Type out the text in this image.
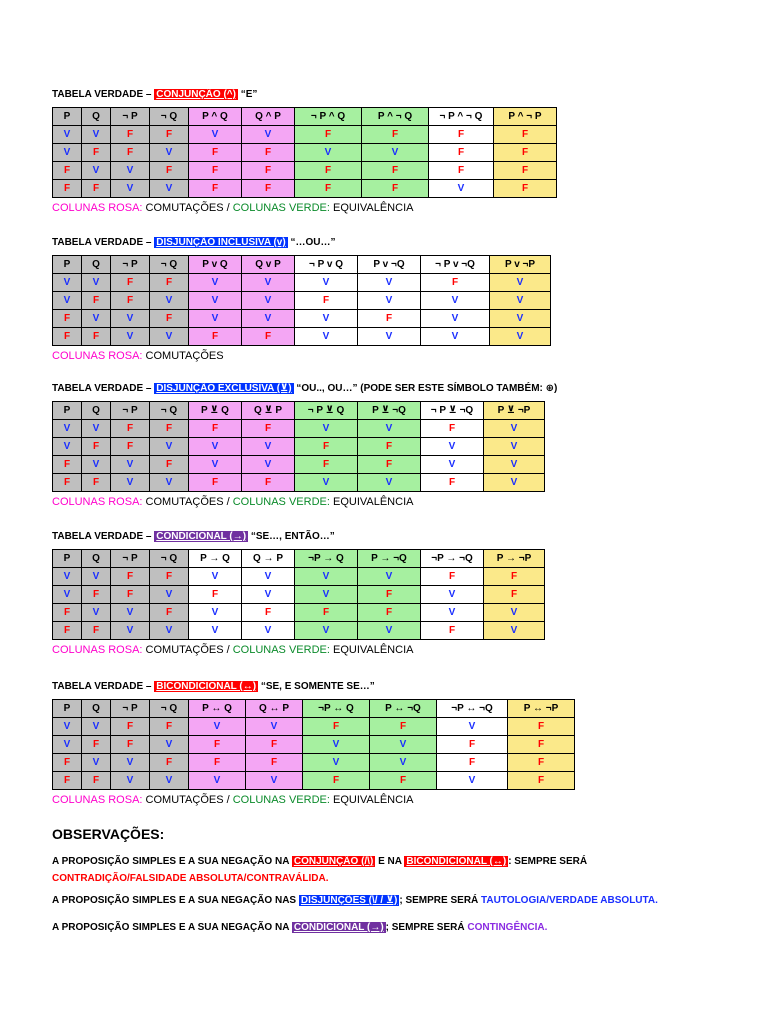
TABELA VERDADE – CONJUNÇÃO (^) “E”
P	Q	¬ P	¬ Q	P ^ Q	Q ^ P	¬ P ^ Q	P ^ ¬ Q	¬ P ^ ¬ Q	P ^ ¬ P
V	V	F	F	V	V	F	F	F	F
V	F	F	V	F	F	V	V	F	F
F	V	V	F	F	F	F	F	F	F
F	F	V	V	F	F	F	F	V	F
COLUNAS ROSA: COMUTAÇÕES / COLUNAS VERDE: EQUIVALÊNCIA
TABELA VERDADE – DISJUNÇÃO INCLUSIVA (v) “…OU…”
P	Q	¬ P	¬ Q	P v Q	Q v P	¬ P v Q	P v ¬Q	¬ P v ¬Q	P v ¬P
V	V	F	F	V	V	V	V	F	V
V	F	F	V	V	V	F	V	V	V
F	V	V	F	V	V	V	F	V	V
F	F	V	V	F	F	V	V	V	V
COLUNAS ROSA: COMUTAÇÕES
TABELA VERDADE – DISJUNÇÃO EXCLUSIVA (⊻) “OU.., OU…” (PODE SER ESTE SÍMBOLO TAMBÉM: ⊕)
P	Q	¬ P	¬ Q	P ⊻ Q	Q ⊻ P	¬ P ⊻ Q	P ⊻ ¬Q	¬ P ⊻ ¬Q	P ⊻ ¬P
V	V	F	F	F	F	V	V	F	V
V	F	F	V	V	V	F	F	V	V
F	V	V	F	V	V	F	F	V	V
F	F	V	V	F	F	V	V	F	V
COLUNAS ROSA: COMUTAÇÕES / COLUNAS VERDE: EQUIVALÊNCIA
TABELA VERDADE – CONDICIONAL (→) “SE…, ENTÃO…”
P	Q	¬ P	¬ Q	P → Q	Q → P	¬P → Q	P → ¬Q	¬P → ¬Q	P → ¬P
V	V	F	F	V	V	V	V	F	F
V	F	F	V	F	V	V	F	V	F
F	V	V	F	V	F	F	F	V	V
F	F	V	V	V	V	V	V	F	V
COLUNAS ROSA: COMUTAÇÕES / COLUNAS VERDE: EQUIVALÊNCIA
TABELA VERDADE – BICONDICIONAL (↔) “SE, E SOMENTE SE…”
P	Q	¬ P	¬ Q	P ↔ Q	Q ↔ P	¬P ↔ Q	P ↔ ¬Q	¬P ↔ ¬Q	P ↔ ¬P
V	V	F	F	V	V	F	F	V	F
V	F	F	V	F	F	V	V	F	F
F	V	V	F	F	F	V	V	F	F
F	F	V	V	V	V	F	F	V	F
COLUNAS ROSA: COMUTAÇÕES / COLUNAS VERDE: EQUIVALÊNCIA
OBSERVAÇÕES:
A PROPOSIÇÃO SIMPLES E A SUA NEGAÇÃO NA CONJUNÇÃO (/\) E NA BICONDICIONAL (↔) : SEMPRE SERÁ
CONTRADIÇÃO/FALSIDADE ABSOLUTA/CONTRAVÁLIDA.
A PROPOSIÇÃO SIMPLES E A SUA NEGAÇÃO NAS DISJUNÇÕES (\/ / ⊻) ; SEMPRE SERÁ TAUTOLOGIA/VERDADE ABSOLUTA.
A PROPOSIÇÃO SIMPLES E A SUA NEGAÇÃO NA CONDICIONAL (→) ; SEMPRE SERÁ CONTINGÊNCIA.
